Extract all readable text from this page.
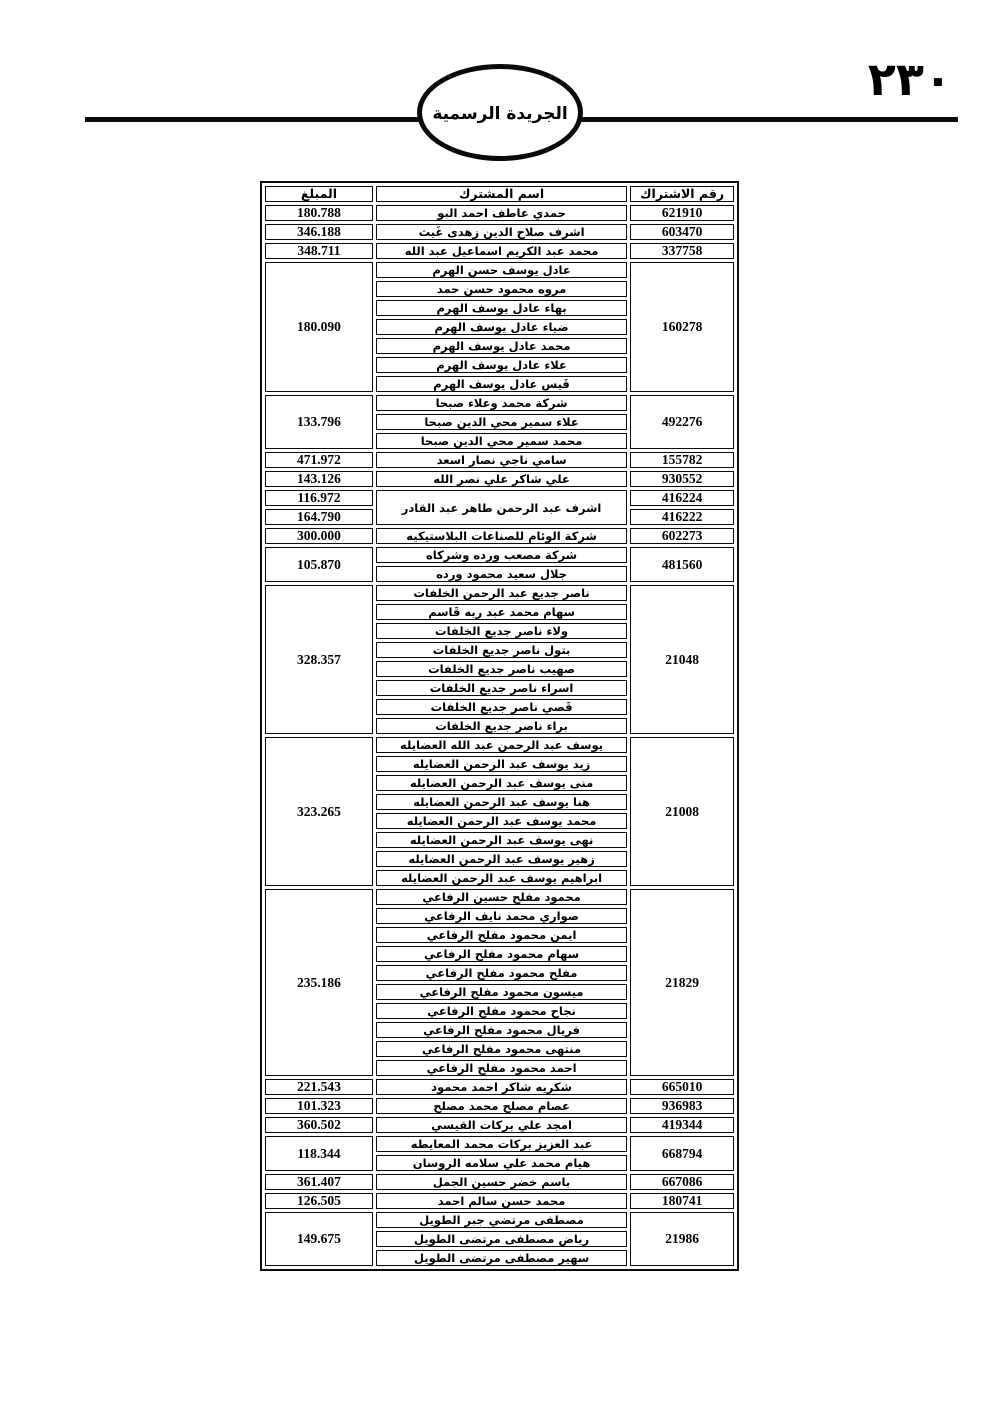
٢٣٠
الجريدة الرسمية
رقم الاشتراك	اسم المشترك	المبلغ
621910	حمدي عاطف احمد البو	180.788
603470	اشرف صلاح الدين زهدى غَيث	346.188
337758	محمد عبد الكريم اسماعيل عبد الله	348.711
160278	عادل يوسف حسن الهرم	180.090
	مروه محمود حسن حمد	
	بهاء عادل يوسف الهرم	
	ضياء عادل يوسف الهرم	
	محمد عادل يوسف الهرم	
	علاء عادل يوسف الهرم	
	قَيس عادل يوسف الهرم	
492276	شركة محمد وعلاء صبحا	133.796
	علاء سمير محي الدين صبحا	
	محمد سمير محي الدين صبحا	
155782	سامي ناجي نصار اسعد	471.972
930552	علي شاكر علي نصر الله	143.126
416224	اشرف عبد الرحمن طاهر عبد القادر	116.972
416222		164.790
602273	شركة الوئام للصناعات البلاستيكيه	300.000
481560	شركة مصعب ورده وشركاه	105.870
	جلال سعيد محمود ورده	
21048	ناصر جديع عبد الرحمن الخلفات	328.357
	سهام محمد عبد ربه قَاسم	
	ولاء ناصر جديع الخلفات	
	بتول ناصر جديع الخلفات	
	صهيب ناصر جديع الخلفات	
	اسراء ناصر جديع الخلفات	
	قَصي ناصر جديع الخلفات	
	براء ناصر جديع الخلفات	
21008	يوسف عبد الرحمن عبد الله العضايله	323.265
	زيد يوسف عبد الرحمن العضايله	
	منى يوسف عبد الرحمن العضايله	
	هنا يوسف عبد الرحمن العضايله	
	محمد يوسف عبد الرحمن العضايله	
	نهى يوسف عبد الرحمن العضايله	
	زهير يوسف عبد الرحمن العضايله	
	ابراهيم يوسف عبد الرحمن العضايله	
21829	محمود مفلح حسين الرفاعي	235.186
	صواري محمد نايف الرفاعي	
	ايمن محمود مفلح الرفاعي	
	سهام محمود مفلح الرفاعي	
	مفلح محمود مفلح الرفاعي	
	ميسون محمود مفلح الرفاعي	
	نجاح محمود مفلح الرفاعي	
	فريال محمود مفلح الرفاعي	
	منتهى محمود مفلح الرفاعي	
	احمد محمود مفلح الرفاعي	
665010	شكريه شاكر احمد محمود	221.543
936983	عصام مصلح محمد مصلح	101.323
419344	امجد علي بركات القيسي	360.502
668794	عبد العزيز بركات محمد المعايطه	118.344
	هيام محمد علي سلامه الروسان	
667086	باسم خضر حسين الجمل	361.407
180741	محمد حسن سالم احمد	126.505
21986	مصطفى مرتضي جبر الطويل	149.675
	رياض مصطفى مرتضى الطويل	
	سهير مصطفى مرتضى الطويل	
